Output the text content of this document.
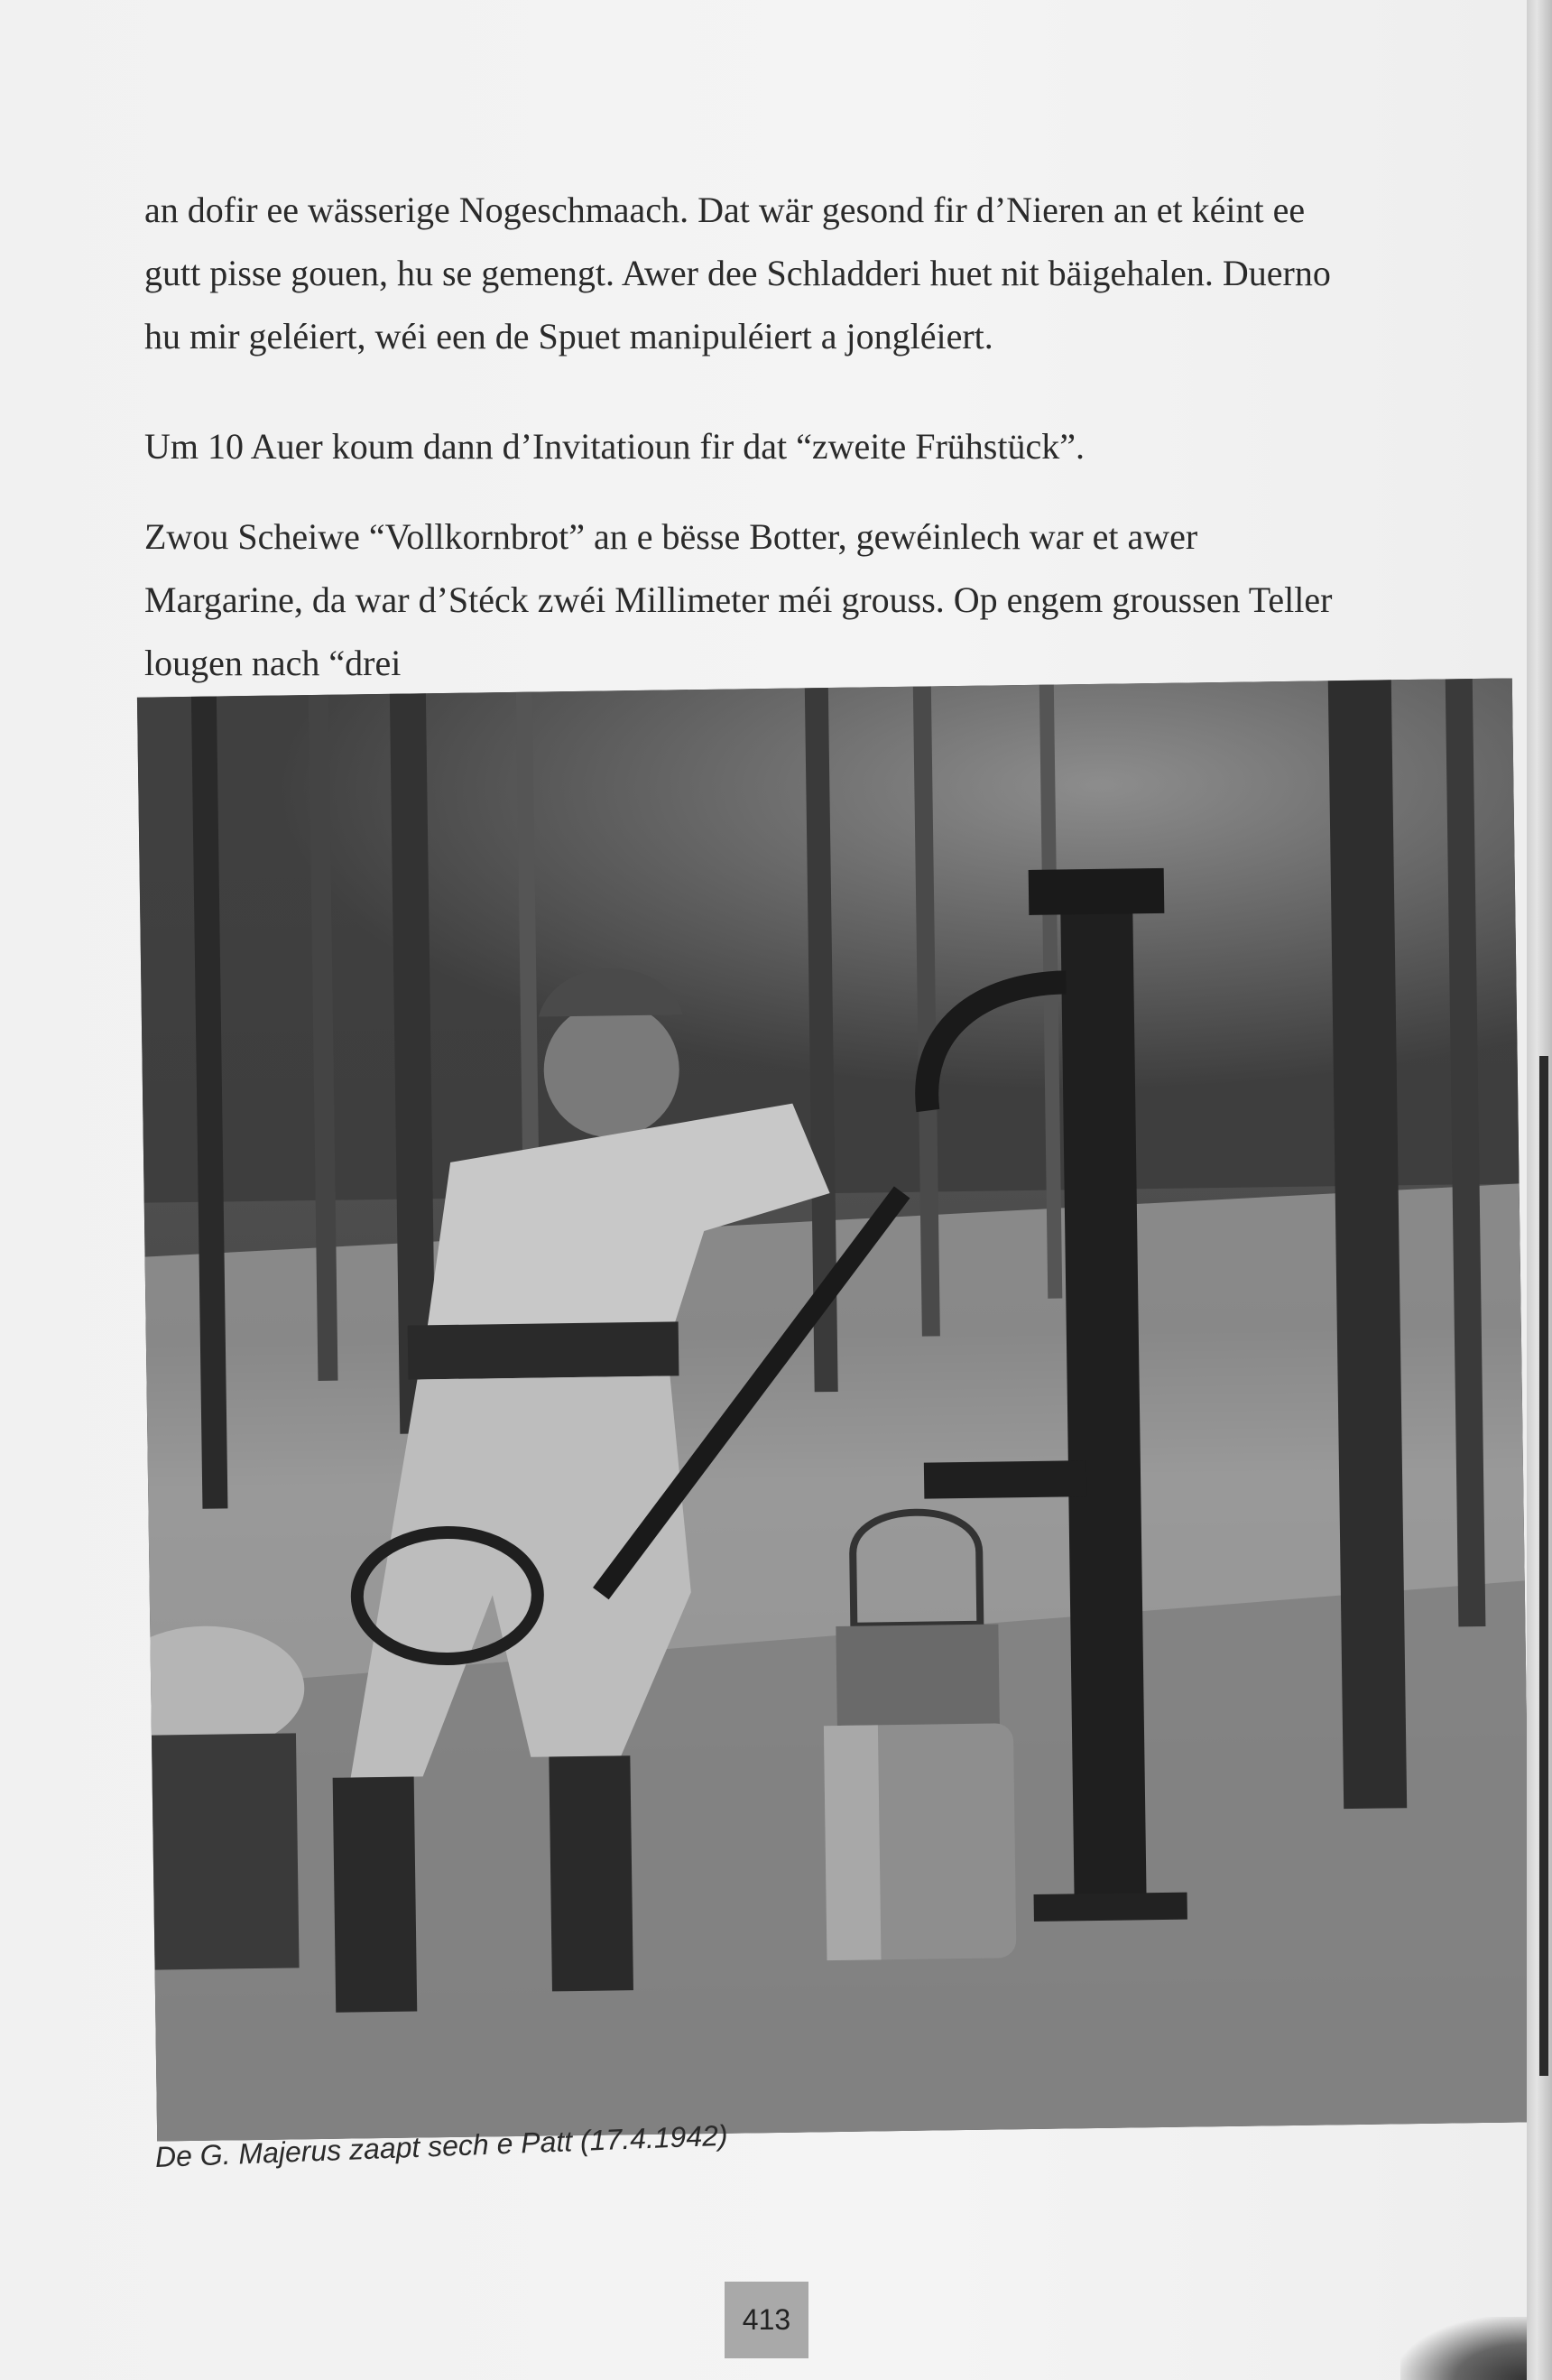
an dofir ee wässerige Nogeschmaach. Dat wär gesond fir d’Nieren an et kéint ee gutt pisse gouen, hu se gemengt. Awer dee Schladderi huet nit bäigehalen. Duerno hu mir geléiert, wéi een de Spuet manipuléiert a jongléiert.

Um 10 Auer koum dann d’Invitatioun fir dat “zweite Frühstück”.

Zwou Scheiwe “Vollkornbrot” an e bësse Botter, gewéinlech war et awer Margarine, da war d’Stéck zwéi Millimeter méi grouss. Op engem groussen Teller lougen nach “drei

De G. Majerus zaapt sech e Patt (17.4.1942)

413
